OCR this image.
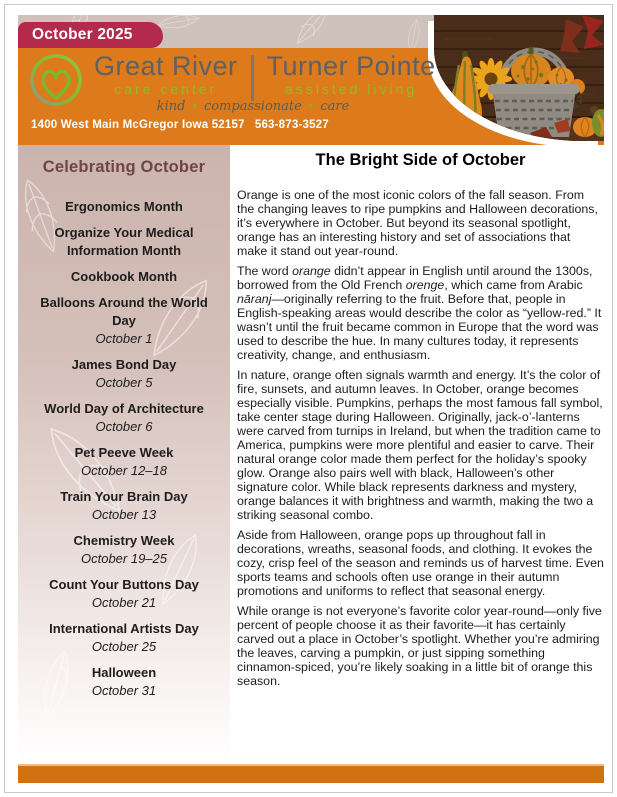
October 2025
Great River
care center
Turner Pointe
assisted living
kind • compassionate • care
1400 West Main McGregor Iowa 52157   563-873-3527
Celebrating October
Ergonomics Month
Organize Your Medical Information Month
Cookbook Month
Balloons Around the World Day
October 1
James Bond Day
October 5
World Day of Architecture
October 6
Pet Peeve Week
October 12–18
Train Your Brain Day
October 13
Chemistry Week
October 19–25
Count Your Buttons Day
October 21
International Artists Day
October 25
Halloween
October 31
The Bright Side of October

Orange is one of the most iconic colors of the fall season. From the changing leaves to ripe pumpkins and Halloween decorations, it’s everywhere in October. But beyond its seasonal spotlight, orange has an interesting history and set of associations that make it stand out year-round.

The word orange didn’t appear in English until around the 1300s, borrowed from the Old French orenge, which came from Arabic nāranj—originally referring to the fruit. Before that, people in English-speaking areas would describe the color as “yellow-red.” It wasn’t until the fruit became common in Europe that the word was used to describe the hue. In many cultures today, it represents creativity, change, and enthusiasm.

In nature, orange often signals warmth and energy. It’s the color of fire, sunsets, and autumn leaves. In October, orange becomes especially visible. Pumpkins, perhaps the most famous fall symbol, take center stage during Halloween. Originally, jack-o’-lanterns were carved from turnips in Ireland, but when the tradition came to America, pumpkins were more plentiful and easier to carve. Their natural orange color made them perfect for the holiday’s spooky glow. Orange also pairs well with black, Halloween’s other signature color. While black represents darkness and mystery, orange balances it with brightness and warmth, making the two a striking seasonal combo.

Aside from Halloween, orange pops up throughout fall in decorations, wreaths, seasonal foods, and clothing. It evokes the cozy, crisp feel of the season and reminds us of harvest time. Even sports teams and schools often use orange in their autumn promotions and uniforms to reflect that seasonal energy.

While orange is not everyone’s favorite color year-round—only five percent of people choose it as their favorite—it has certainly carved out a place in October’s spotlight. Whether you’re admiring the leaves, carving a pumpkin, or just sipping something cinnamon-spiced, you’re likely soaking in a little bit of orange this season.
